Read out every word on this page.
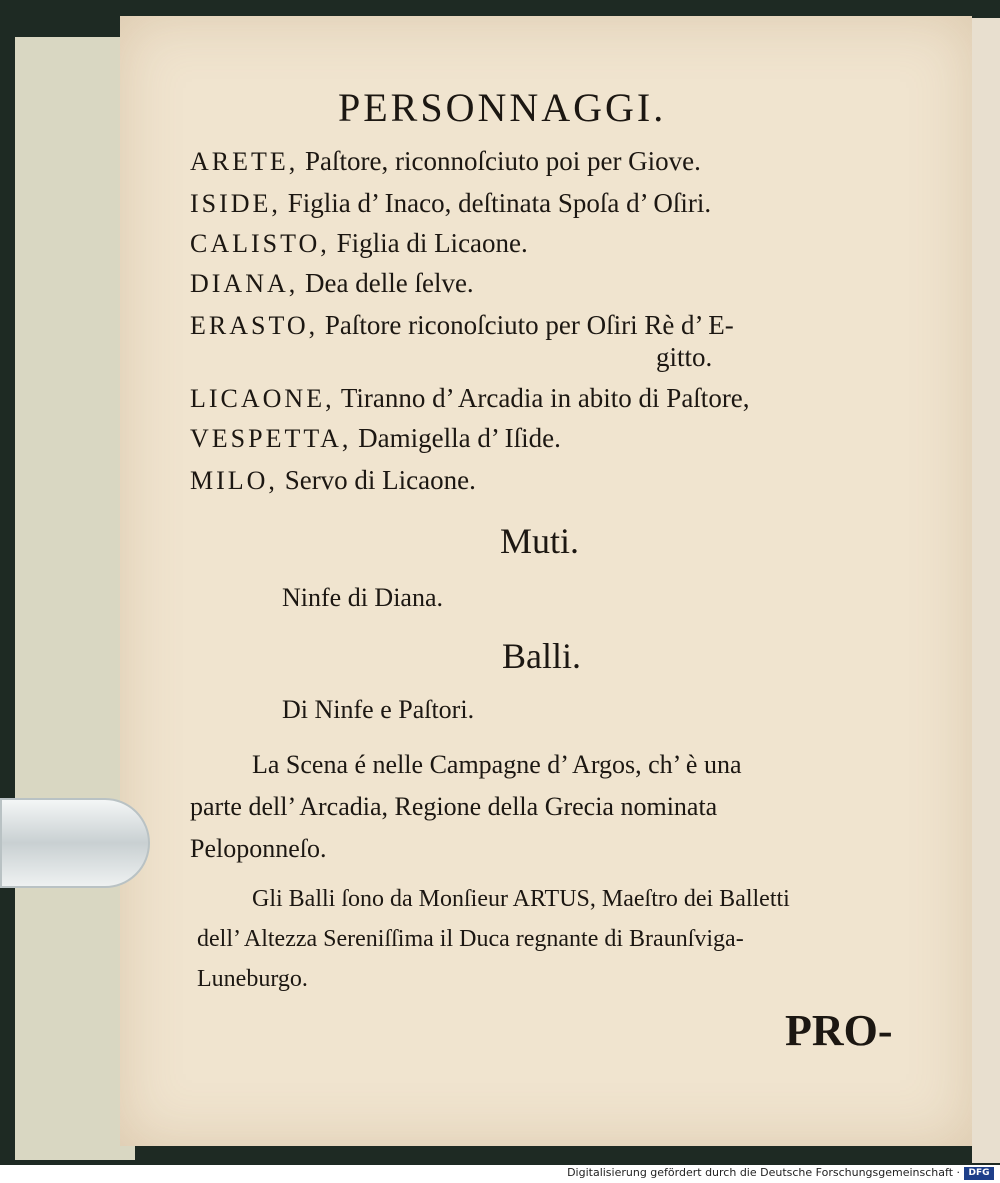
PERSONNAGGI.
ARETE, Paſtore, riconnoſciuto poi per Giove.
ISIDE, Figlia d’ Inaco, deſtinata Spoſa d’ Oſiri.
CALISTO, Figlia di Licaone.
DIANA, Dea delle ſelve.
ERASTO, Paſtore riconoſciuto per Oſiri Rè d’ E-
gitto.
LICAONE, Tiranno d’ Arcadia in abito di Paſtore,
VESPETTA, Damigella d’ Iſide.
MILO, Servo di Licaone.
Muti.
Ninfe di Diana.
Balli.
Di Ninfe e Paſtori.
La Scena é nelle Campagne d’ Argos, ch’ è una
parte dell’ Arcadia, Regione della Grecia nominata
Peloponneſo.
Gli Balli ſono da Monſieur ARTUS, Maeſtro dei Balletti
dell’ Altezza Sereniſſima il Duca regnante di Braunſviga-
Luneburgo.
PRO-
Digitalisierung gefördert durch die Deutsche Forschungsgemeinschaft · DFG
